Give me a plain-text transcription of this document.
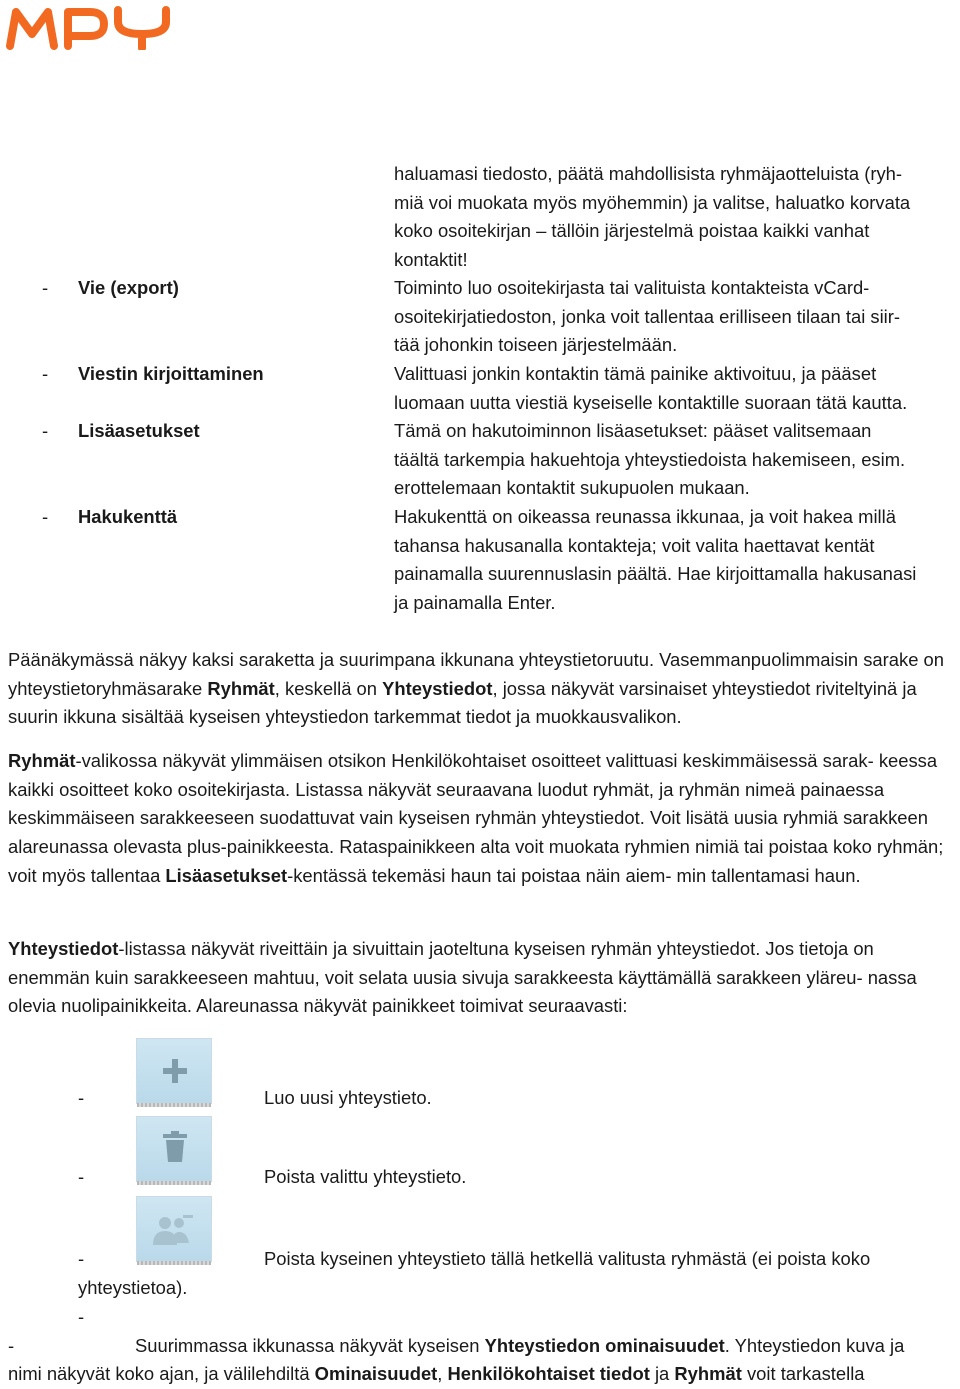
haluamasi tiedosto, päätä mahdollisista ryhmäjaotteluista (ryh-
miä voi muokata myös myöhemmin) ja valitse, haluatko korvata
koko osoitekirjan – tällöin järjestelmä poistaa kaikki vanhat
kontaktit!
- Vie (export)	Toiminto luo osoitekirjasta tai valituista kontakteista vCard-
osoitekirjatiedoston, jonka voit tallentaa erilliseen tilaan tai siir-
tää johonkin toiseen järjestelmään.
- Viestin kirjoittaminen	Valittuasi jonkin kontaktin tämä painike aktivoituu, ja pääset
luomaan uutta viestiä kyseiselle kontaktille suoraan tätä kautta.
- Lisäasetukset	Tämä on hakutoiminnon lisäasetukset: pääset valitsemaan
täältä tarkempia hakuehtoja yhteystiedoista hakemiseen, esim.
erottelemaan kontaktit sukupuolen mukaan.
- Hakukenttä	Hakukenttä on oikeassa reunassa ikkunaa, ja voit hakea millä
tahansa hakusanalla kontakteja; voit valita haettavat kentät
painamalla suurennuslasin päältä. Hae kirjoittamalla hakusanasi
ja painamalla Enter.

Päänäkymässä näkyy kaksi saraketta ja suurimpana ikkunana yhteystietoruutu. Vasemmanpuolimmaisin sarake on yhteystietoryhmäsarake Ryhmät, keskellä on Yhteystiedot, jossa näkyvät varsinaiset yhteystiedot riviteltyinä ja suurin ikkuna sisältää kyseisen yhteystiedon tarkemmat tiedot ja muokkausvalikon.

Ryhmät-valikossa näkyvät ylimmäisen otsikon Henkilökohtaiset osoitteet valittuasi keskimmäisessä sarak- keessa kaikki osoitteet koko osoitekirjasta. Listassa näkyvät seuraavana luodut ryhmät, ja ryhmän nimeä painaessa keskimmäiseen sarakkeeseen suodattuvat vain kyseisen ryhmän yhteystiedot. Voit lisätä uusia ryhmiä sarakkeen alareunassa olevasta plus-painikkeesta. Rataspainikkeen alta voit muokata ryhmien nimiä tai poistaa koko ryhmän; voit myös tallentaa Lisäasetukset-kentässä tekemäsi haun tai poistaa näin aiem- min tallentamasi haun.

Yhteystiedot-listassa näkyvät riveittäin ja sivuittain jaoteltuna kyseisen ryhmän yhteystiedot. Jos tietoja on enemmän kuin sarakkeeseen mahtuu, voit selata uusia sivuja sarakkeesta käyttämällä sarakkeen yläreu- nassa olevia nuolipainikkeita. Alareunassa näkyvät painikkeet toimivat seuraavasti:

-	Luo uusi yhteystieto.
-	Poista valittu yhteystieto.
-	Poista kyseinen yhteystieto tällä hetkellä valitusta ryhmästä (ei poista koko
yhteystietoa).
-
-	Suurimmassa ikkunassa näkyvät kyseisen Yhteystiedon ominaisuudet. Yhteystiedon kuva ja
nimi näkyvät koko ajan, ja välilehdiltä Ominaisuudet, Henkilökohtaiset tiedot ja Ryhmät voit tarkastella
